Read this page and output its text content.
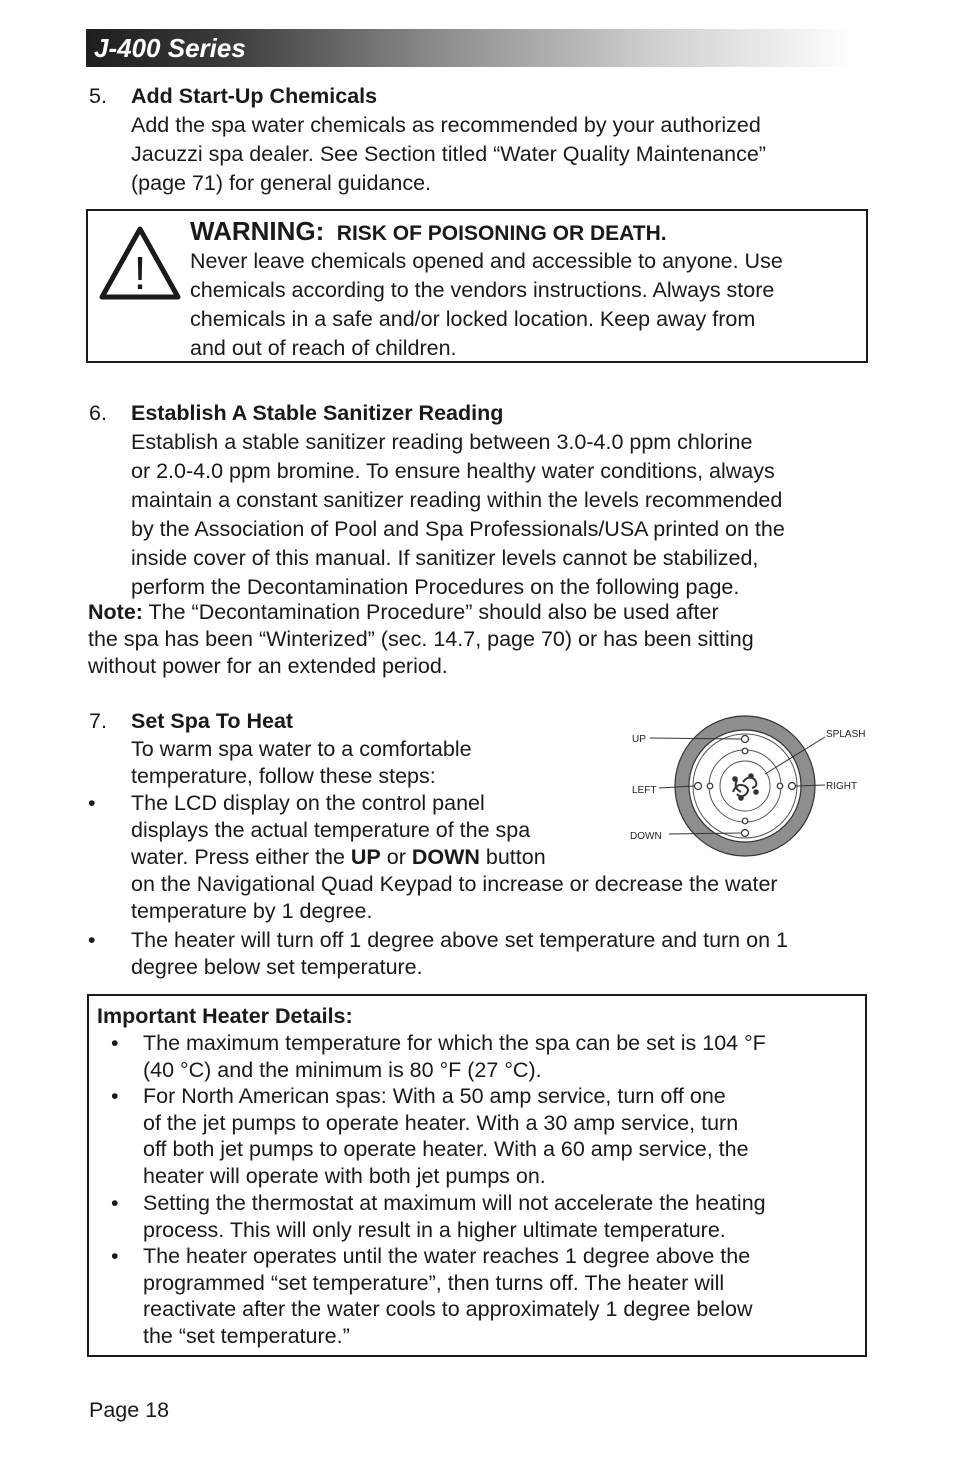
J-400 Series
5. Add Start-Up Chemicals
Add the spa water chemicals as recommended by your authorized
Jacuzzi spa dealer. See Section titled “Water Quality Maintenance”
(page 71) for general guidance.
!
WARNING: RISK OF POISONING OR DEATH.
Never leave chemicals opened and accessible to anyone. Use
chemicals according to the vendors instructions. Always store
chemicals in a safe and/or locked location. Keep away from
and out of reach of children.
6. Establish A Stable Sanitizer Reading
Establish a stable sanitizer reading between 3.0-4.0 ppm chlorine
or 2.0-4.0 ppm bromine. To ensure healthy water conditions, always
maintain a constant sanitizer reading within the levels recommended
by the Association of Pool and Spa Professionals/USA printed on the
inside cover of this manual. If sanitizer levels cannot be stabilized,
perform the Decontamination Procedures on the following page.
Note: The “Decontamination Procedure” should also be used after
the spa has been “Winterized” (sec. 14.7, page 70) or has been sitting
without power for an extended period.
7. Set Spa To Heat
To warm spa water to a comfortable
temperature, follow these steps:
• The LCD display on the control panel
displays the actual temperature of the spa
water. Press either the UP or DOWN button
on the Navigational Quad Keypad to increase or decrease the water
temperature by 1 degree.
• The heater will turn off 1 degree above set temperature and turn on 1
degree below set temperature.
UP	SPLASH
LEFT	RIGHT
DOWN
Important Heater Details:
• The maximum temperature for which the spa can be set is 104 °F
(40 °C) and the minimum is 80 °F (27 °C).
• For North American spas: With a 50 amp service, turn off one
of the jet pumps to operate heater. With a 30 amp service, turn
off both jet pumps to operate heater. With a 60 amp service, the
heater will operate with both jet pumps on.
• Setting the thermostat at maximum will not accelerate the heating
process. This will only result in a higher ultimate temperature.
• The heater operates until the water reaches 1 degree above the
programmed “set temperature”, then turns off. The heater will
reactivate after the water cools to approximately 1 degree below
the “set temperature.”
Page 18
